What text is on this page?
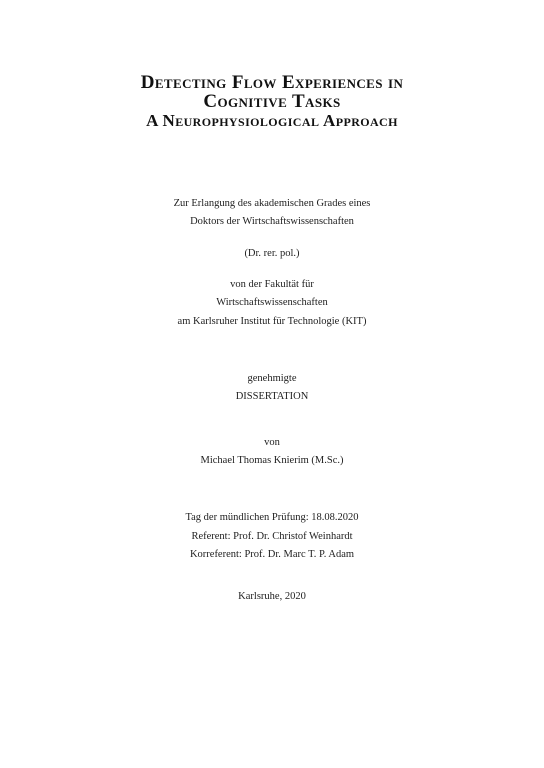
Detecting Flow Experiences in
Cognitive Tasks
A Neurophysiological Approach
Zur Erlangung des akademischen Grades eines
Doktors der Wirtschaftswissenschaften
(Dr. rer. pol.)
von der Fakultät für
Wirtschaftswissenschaften
am Karlsruher Institut für Technologie (KIT)
genehmigte
DISSERTATION
von
Michael Thomas Knierim (M.Sc.)
Tag der mündlichen Prüfung: 18.08.2020
Referent: Prof. Dr. Christof Weinhardt
Korreferent: Prof. Dr. Marc T. P. Adam
Karlsruhe, 2020
